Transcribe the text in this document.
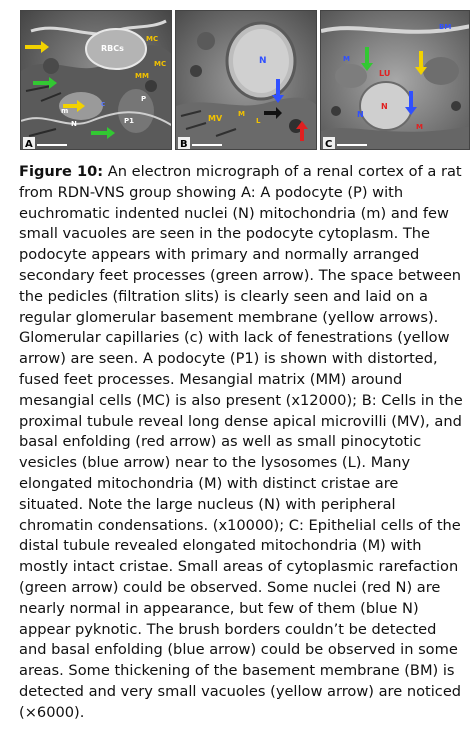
RBCs
MC
MC
MM
P
c
m
N	P1
A
N
MV M
L
B
BM
M
LU
N
N
M
C

Figure 10: An electron micrograph of a renal cortex of a rat from RDN-VNS group showing A: A podocyte (P) with euchromatic indented nuclei (N) mitochondria (m) and few small vacuoles are seen in the podocyte cytoplasm. The podocyte appears with primary and normally arranged secondary feet processes (green arrow). The space between the pedicles (filtration slits) is clearly seen and laid on a regular glomerular basement membrane (yellow arrows). Glomerular capillaries (c) with lack of fenestrations (yellow arrow) are seen. A podocyte (P1) is shown with distorted, fused feet processes. Mesangial matrix (MM) around mesangial cells (MC) is also present (x12000); B: Cells in the proximal tubule reveal long dense apical microvilli (MV), and basal enfolding (red arrow) as well as small pinocytotic vesicles (blue arrow) near to the lysosomes (L). Many elongated mitochondria (M) with distinct cristae are situated. Note the large nucleus (N) with peripheral chromatin condensations. (x10000); C: Epithelial cells of the distal tubule revealed elongated mitochondria (M) with mostly intact cristae. Small areas of cytoplasmic rarefaction (green arrow) could be observed. Some nuclei (red N) are nearly normal in appearance, but few of them (blue N) appear pyknotic. The brush borders couldn’t be detected and basal enfolding (blue arrow) could be observed in some areas. Some thickening of the basement membrane (BM) is detected and very small vacuoles (yellow arrow) are noticed (×6000).
